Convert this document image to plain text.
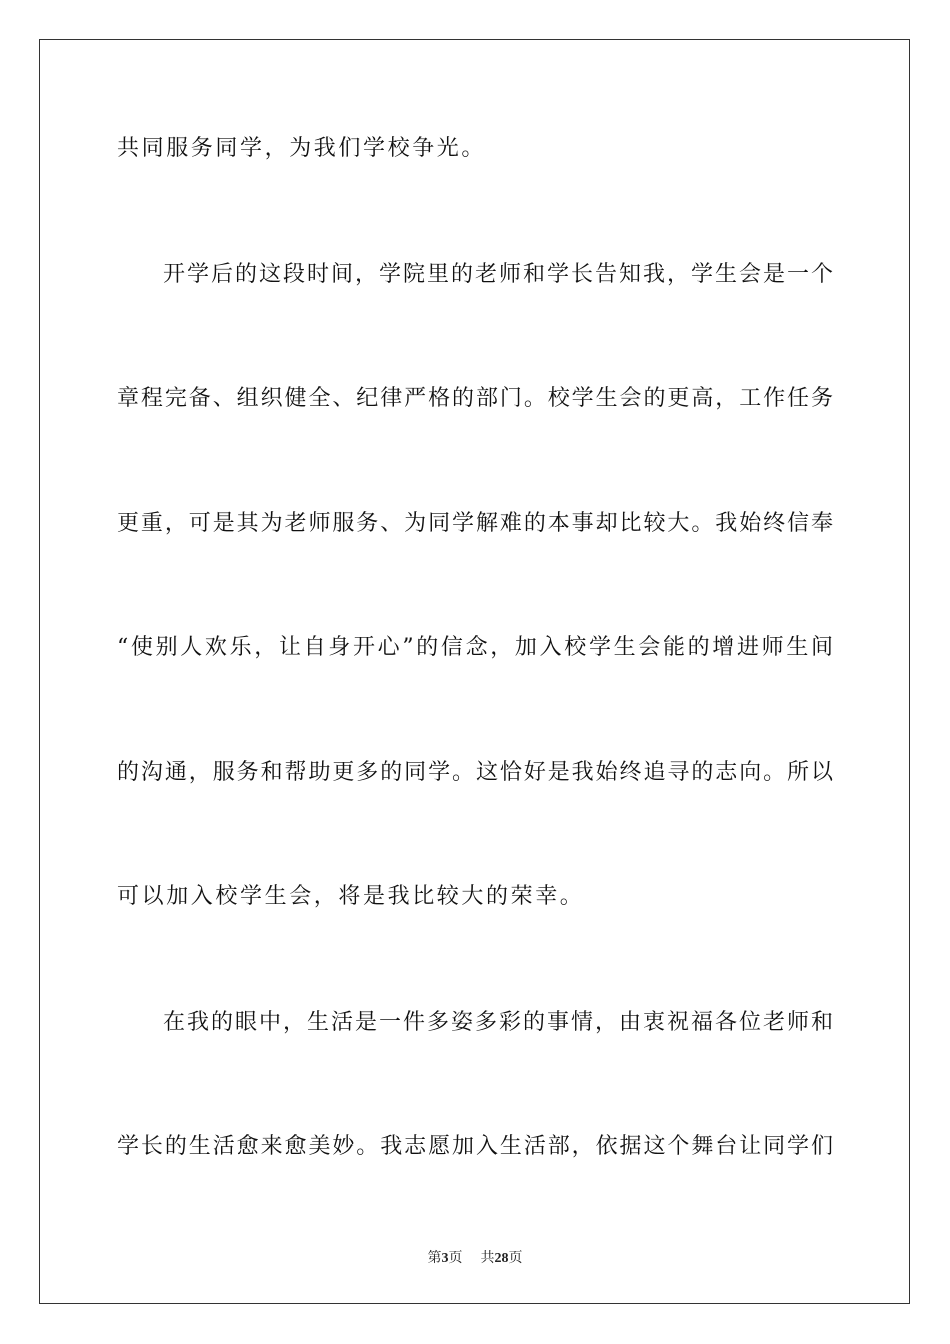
共同服务同学，为我们学校争光。
开学后的这段时间，学院里的老师和学长告知我，学生会是一个
章程完备、组织健全、纪律严格的部门。校学生会的更高，工作任务
更重，可是其为老师服务、为同学解难的本事却比较大。我始终信奉
“使别人欢乐，让自身开心”的信念，加入校学生会能的增进师生间
的沟通，服务和帮助更多的同学。这恰好是我始终追寻的志向。所以
可以加入校学生会，将是我比较大的荣幸。
在我的眼中，生活是一件多姿多彩的事情，由衷祝福各位老师和
学长的生活愈来愈美妙。我志愿加入生活部，依据这个舞台让同学们
第3页 共28页
